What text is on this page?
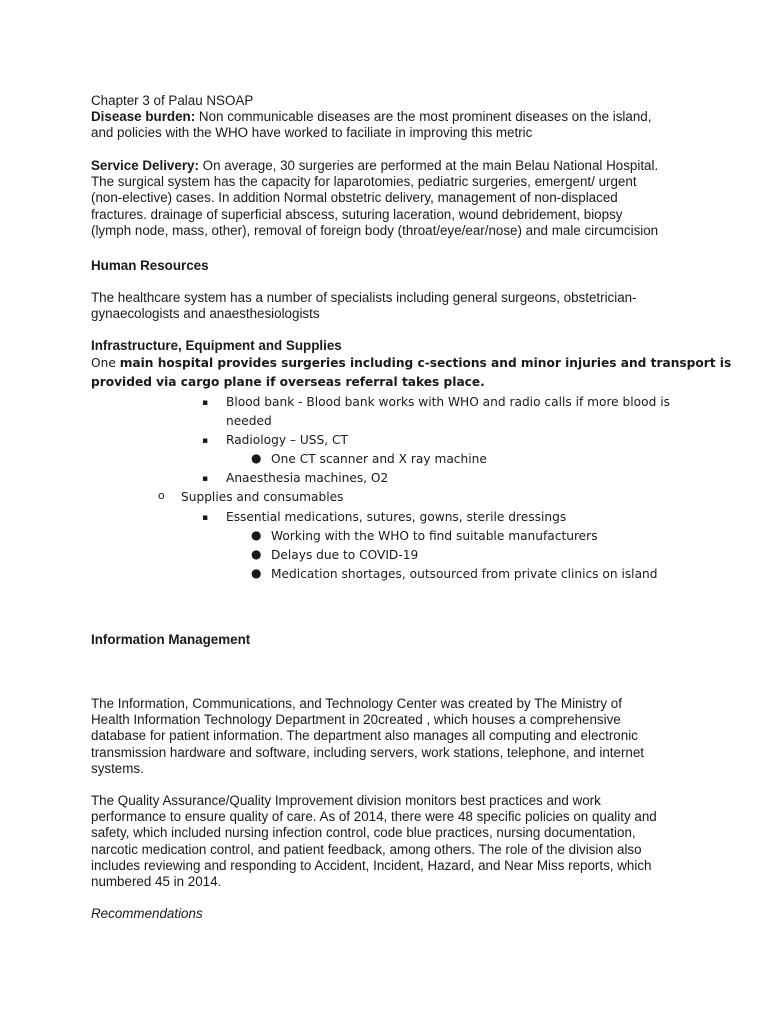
Chapter 3 of Palau NSOAP
Disease burden: Non communicable diseases are the most prominent diseases on the island,
and policies with the WHO have worked to faciliate in improving this metric
Service Delivery: On average, 30 surgeries are performed at the main Belau National Hospital.
The surgical system has the capacity for laparotomies, pediatric surgeries, emergent/ urgent
(non-elective) cases. In addition Normal obstetric delivery, management of non-displaced
fractures. drainage of superficial abscess, suturing laceration, wound debridement, biopsy
(lymph node, mass, other), removal of foreign body (throat/eye/ear/nose) and male circumcision
Human Resources
The healthcare system has a number of specialists including general surgeons, obstetrician-
gynaecologists and anaesthesiologists
Infrastructure, Equipment and Supplies
One main hospital provides surgeries including c-sections and minor injuries and transport is
provided via cargo plane if overseas referral takes place.
▪ Blood bank - Blood bank works with WHO and radio calls if more blood is
needed
▪ Radiology – USS, CT
● One CT scanner and X ray machine
▪ Anaesthesia machines, O2
o Supplies and consumables
▪ Essential medications, sutures, gowns, sterile dressings
● Working with the WHO to find suitable manufacturers
● Delays due to COVID-19
● Medication shortages, outsourced from private clinics on island
Information Management
The Information, Communications, and Technology Center was created by The Ministry of
Health Information Technology Department in 20created , which houses a comprehensive
database for patient information. The department also manages all computing and electronic
transmission hardware and software, including servers, work stations, telephone, and internet
systems.
The Quality Assurance/Quality Improvement division monitors best practices and work
performance to ensure quality of care. As of 2014, there were 48 specific policies on quality and
safety, which included nursing infection control, code blue practices, nursing documentation,
narcotic medication control, and patient feedback, among others. The role of the division also
includes reviewing and responding to Accident, Incident, Hazard, and Near Miss reports, which
numbered 45 in 2014.
Recommendations
